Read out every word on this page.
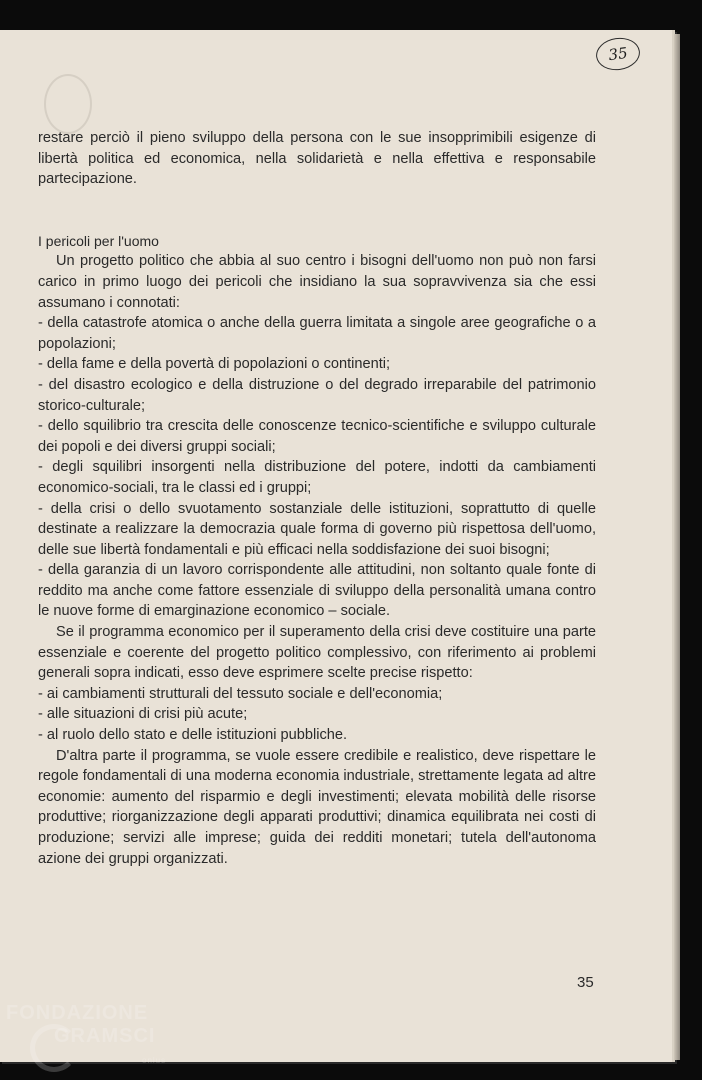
35

restare perciò il pieno sviluppo della persona con le sue insopprimibili esigenze di libertà politica ed economica, nella solidarietà e nella effettiva e responsabile partecipazione.

I pericoli per l'uomo

Un progetto politico che abbia al suo centro i bisogni dell'uomo non può non farsi carico in primo luogo dei pericoli che insidiano la sua sopravvivenza sia che essi assumano i connotati:

- della catastrofe atomica o anche della guerra limitata a singole aree geografiche o a popolazioni;

- della fame e della povertà di popolazioni o continenti;

- del disastro ecologico e della distruzione o del degrado irreparabile del patrimonio storico-culturale;

- dello squilibrio tra crescita delle conoscenze tecnico-scientifiche e sviluppo culturale dei popoli e dei diversi gruppi sociali;

- degli squilibri insorgenti nella distribuzione del potere, indotti da cambiamenti economico-sociali, tra le classi ed i gruppi;

- della crisi o dello svuotamento sostanziale delle istituzioni, soprattutto di quelle destinate a realizzare la democrazia quale forma di governo più rispettosa dell'uomo, delle sue libertà fondamentali e più efficaci nella soddisfazione dei suoi bisogni;

- della garanzia di un lavoro corrispondente alle attitudini, non soltanto quale fonte di reddito ma anche come fattore essenziale di sviluppo della personalità umana contro le nuove forme di emarginazione economico – sociale.

Se il programma economico per il superamento della crisi deve costituire una parte essenziale e coerente del progetto politico complessivo, con riferimento ai problemi generali sopra indicati, esso deve esprimere scelte precise rispetto:

- ai cambiamenti strutturali del tessuto sociale e dell'economia;

- alle situazioni di crisi più acute;

- al ruolo dello stato e delle istituzioni pubbliche.

D'altra parte il programma, se vuole essere credibile e realistico, deve rispettare le regole fondamentali di una moderna economia industriale, strettamente legata ad altre economie: aumento del risparmio e degli investimenti; elevata mobilità delle risorse produttive; riorganizzazione degli apparati produttivi; dinamica equilibrata nei costi di produzione; servizi alle imprese; guida dei redditi monetari; tutela dell'autonoma azione dei gruppi organizzati.

35
FONDAZIONE
GRAMSCI
onlus
